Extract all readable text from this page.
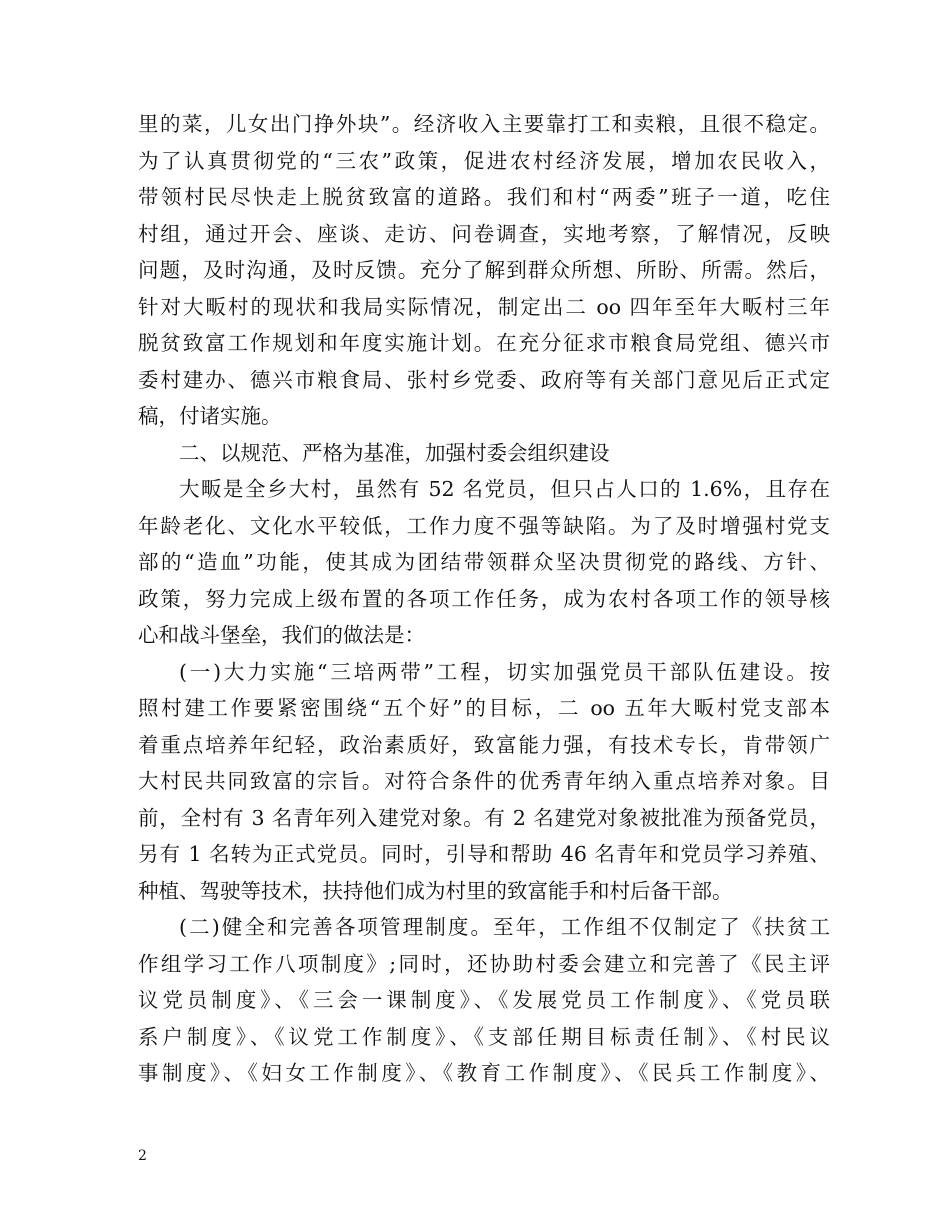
里的菜，儿女出门挣外块”。经济收入主要靠打工和卖粮，且很不稳定。
为了认真贯彻党的“三农”政策，促进农村经济发展，增加农民收入，
带领村民尽快走上脱贫致富的道路。我们和村“两委”班子一道，吃住
村组，通过开会、座谈、走访、问卷调查，实地考察，了解情况，反映
问题，及时沟通，及时反馈。充分了解到群众所想、所盼、所需。然后，
针对大畈村的现状和我局实际情况，制定出二 oo 四年至年大畈村三年
脱贫致富工作规划和年度实施计划。在充分征求市粮食局党组、德兴市
委村建办、德兴市粮食局、张村乡党委、政府等有关部门意见后正式定
稿，付诸实施。
二、以规范、严格为基准，加强村委会组织建设
大畈是全乡大村，虽然有 52 名党员，但只占人口的 1.6%，且存在
年龄老化、文化水平较低，工作力度不强等缺陷。为了及时增强村党支
部的“造血”功能，使其成为团结带领群众坚决贯彻党的路线、方针、
政策，努力完成上级布置的各项工作任务，成为农村各项工作的领导核
心和战斗堡垒，我们的做法是：
(一)大力实施“三培两带”工程，切实加强党员干部队伍建设。按
照村建工作要紧密围绕“五个好”的目标，二 oo 五年大畈村党支部本
着重点培养年纪轻，政治素质好，致富能力强，有技术专长，肯带领广
大村民共同致富的宗旨。对符合条件的优秀青年纳入重点培养对象。目
前，全村有 3 名青年列入建党对象。有 2 名建党对象被批准为预备党员，
另有 1 名转为正式党员。同时，引导和帮助 46 名青年和党员学习养殖、
种植、驾驶等技术，扶持他们成为村里的致富能手和村后备干部。
(二)健全和完善各项管理制度。至年，工作组不仅制定了《扶贫工
作组学习工作八项制度》;同时，还协助村委会建立和完善了《民主评
议党员制度》、《三会一课制度》、《发展党员工作制度》、《党员联
系户制度》、《议党工作制度》、《支部任期目标责任制》、《村民议
事制度》、《妇女工作制度》、《教育工作制度》、《民兵工作制度》、
2
